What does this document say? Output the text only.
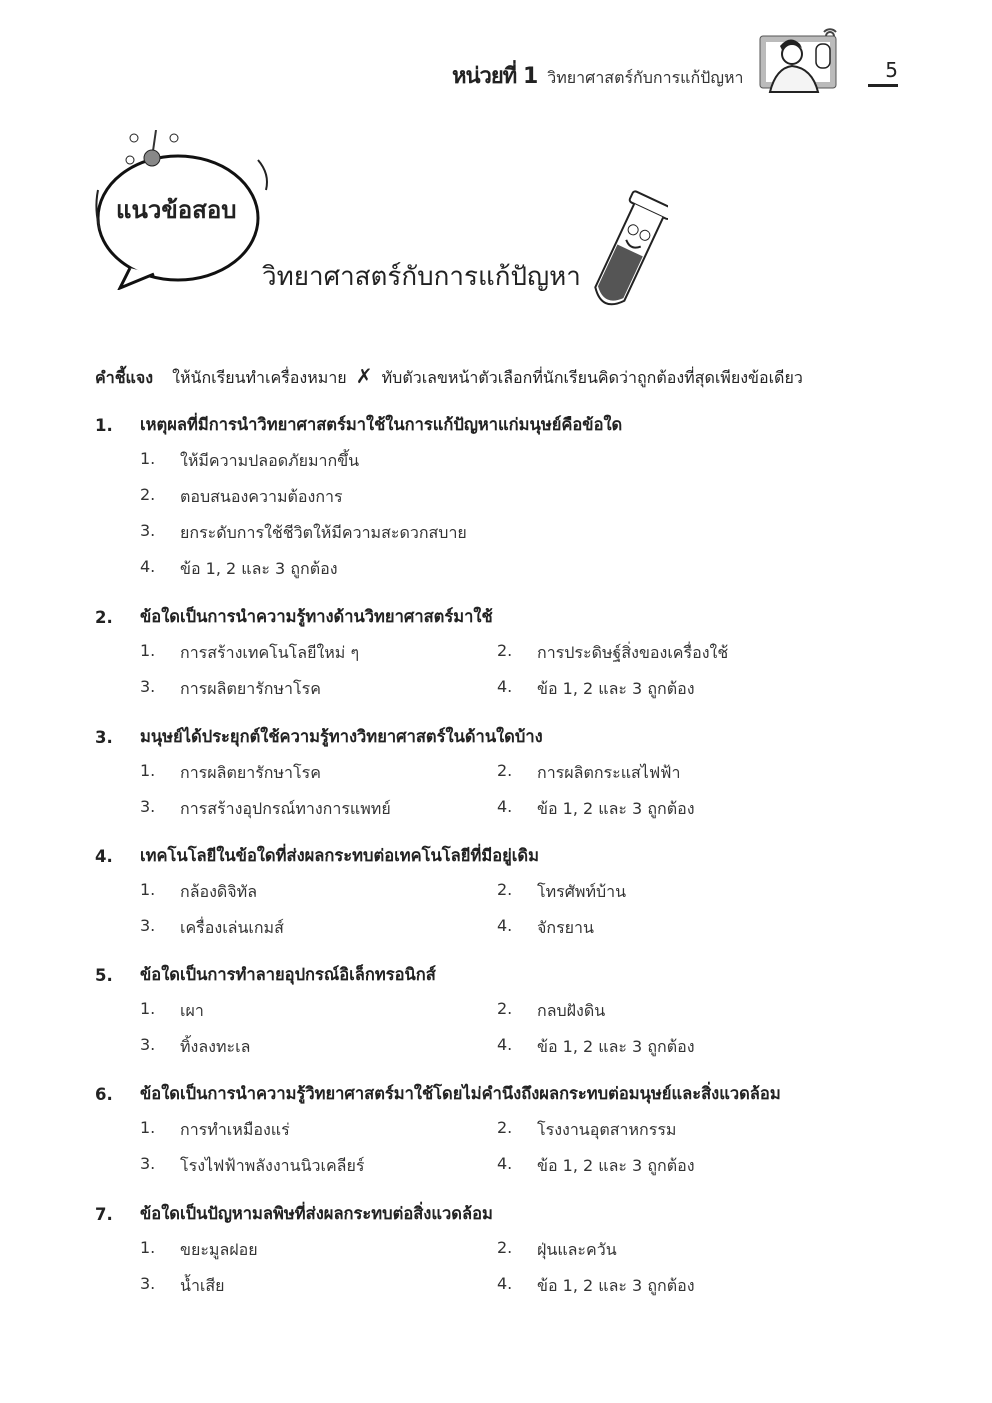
หน่วยที่ 1 วิทยาศาสตร์กับการแก้ปัญหา	5
แนวข้อสอบ
วิทยาศาสตร์กับการแก้ปัญหา
คำชี้แจง ให้นักเรียนทำเครื่องหมาย ✗ ทับตัวเลขหน้าตัวเลือกที่นักเรียนคิดว่าถูกต้องที่สุดเพียงข้อเดียว
1.	เหตุผลที่มีการนำวิทยาศาสตร์มาใช้ในการแก้ปัญหาแก่มนุษย์คือข้อใด
1.	ให้มีความปลอดภัยมากขึ้น
2.	ตอบสนองความต้องการ
3.	ยกระดับการใช้ชีวิตให้มีความสะดวกสบาย
4.	ข้อ 1, 2 และ 3 ถูกต้อง
2.	ข้อใดเป็นการนำความรู้ทางด้านวิทยาศาสตร์มาใช้
1.	การสร้างเทคโนโลยีใหม่ ๆ	2.	การประดิษฐ์สิ่งของเครื่องใช้
3.	การผลิตยารักษาโรค	4.	ข้อ 1, 2 และ 3 ถูกต้อง
3.	มนุษย์ได้ประยุกต์ใช้ความรู้ทางวิทยาศาสตร์ในด้านใดบ้าง
1.	การผลิตยารักษาโรค	2.	การผลิตกระแสไฟฟ้า
3.	การสร้างอุปกรณ์ทางการแพทย์	4.	ข้อ 1, 2 และ 3 ถูกต้อง
4.	เทคโนโลยีในข้อใดที่ส่งผลกระทบต่อเทคโนโลยีที่มีอยู่เดิม
1.	กล้องดิจิทัล	2.	โทรศัพท์บ้าน
3.	เครื่องเล่นเกมส์	4.	จักรยาน
5.	ข้อใดเป็นการทำลายอุปกรณ์อิเล็กทรอนิกส์
1.	เผา	2.	กลบฝังดิน
3.	ทิ้งลงทะเล	4.	ข้อ 1, 2 และ 3 ถูกต้อง
6.	ข้อใดเป็นการนำความรู้วิทยาศาสตร์มาใช้โดยไม่คำนึงถึงผลกระทบต่อมนุษย์และสิ่งแวดล้อม
1.	การทำเหมืองแร่	2.	โรงงานอุตสาหกรรม
3.	โรงไฟฟ้าพลังงานนิวเคลียร์	4.	ข้อ 1, 2 และ 3 ถูกต้อง
7.	ข้อใดเป็นปัญหามลพิษที่ส่งผลกระทบต่อสิ่งแวดล้อม
1.	ขยะมูลฝอย	2.	ฝุ่นและควัน
3.	น้ำเสีย	4.	ข้อ 1, 2 และ 3 ถูกต้อง
